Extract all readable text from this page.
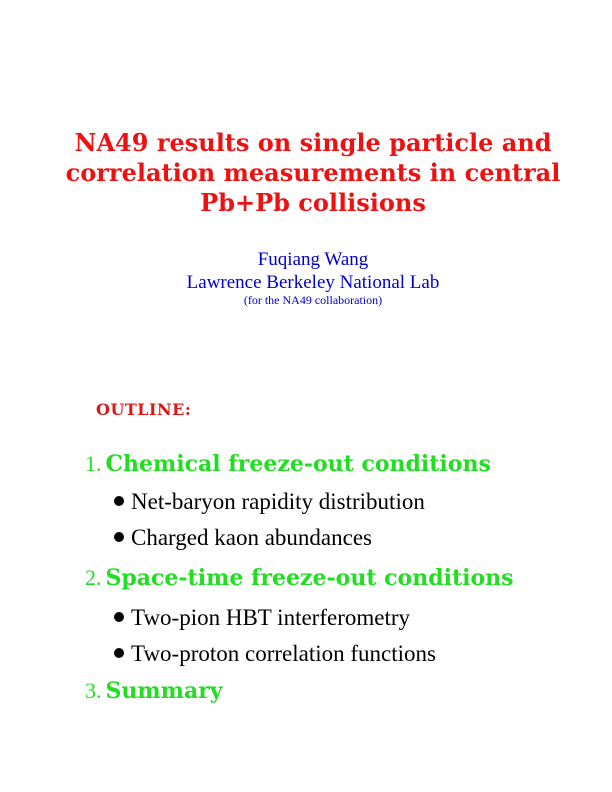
NA49 results on single particle and
correlation measurements in central
Pb+Pb collisions
Fuqiang Wang
Lawrence Berkeley National Lab
(for the NA49 collaboration)
OUTLINE:
1. Chemical freeze-out conditions
Net-baryon rapidity distribution
Charged kaon abundances
2. Space-time freeze-out conditions
Two-pion HBT interferometry
Two-proton correlation functions
3. Summary
